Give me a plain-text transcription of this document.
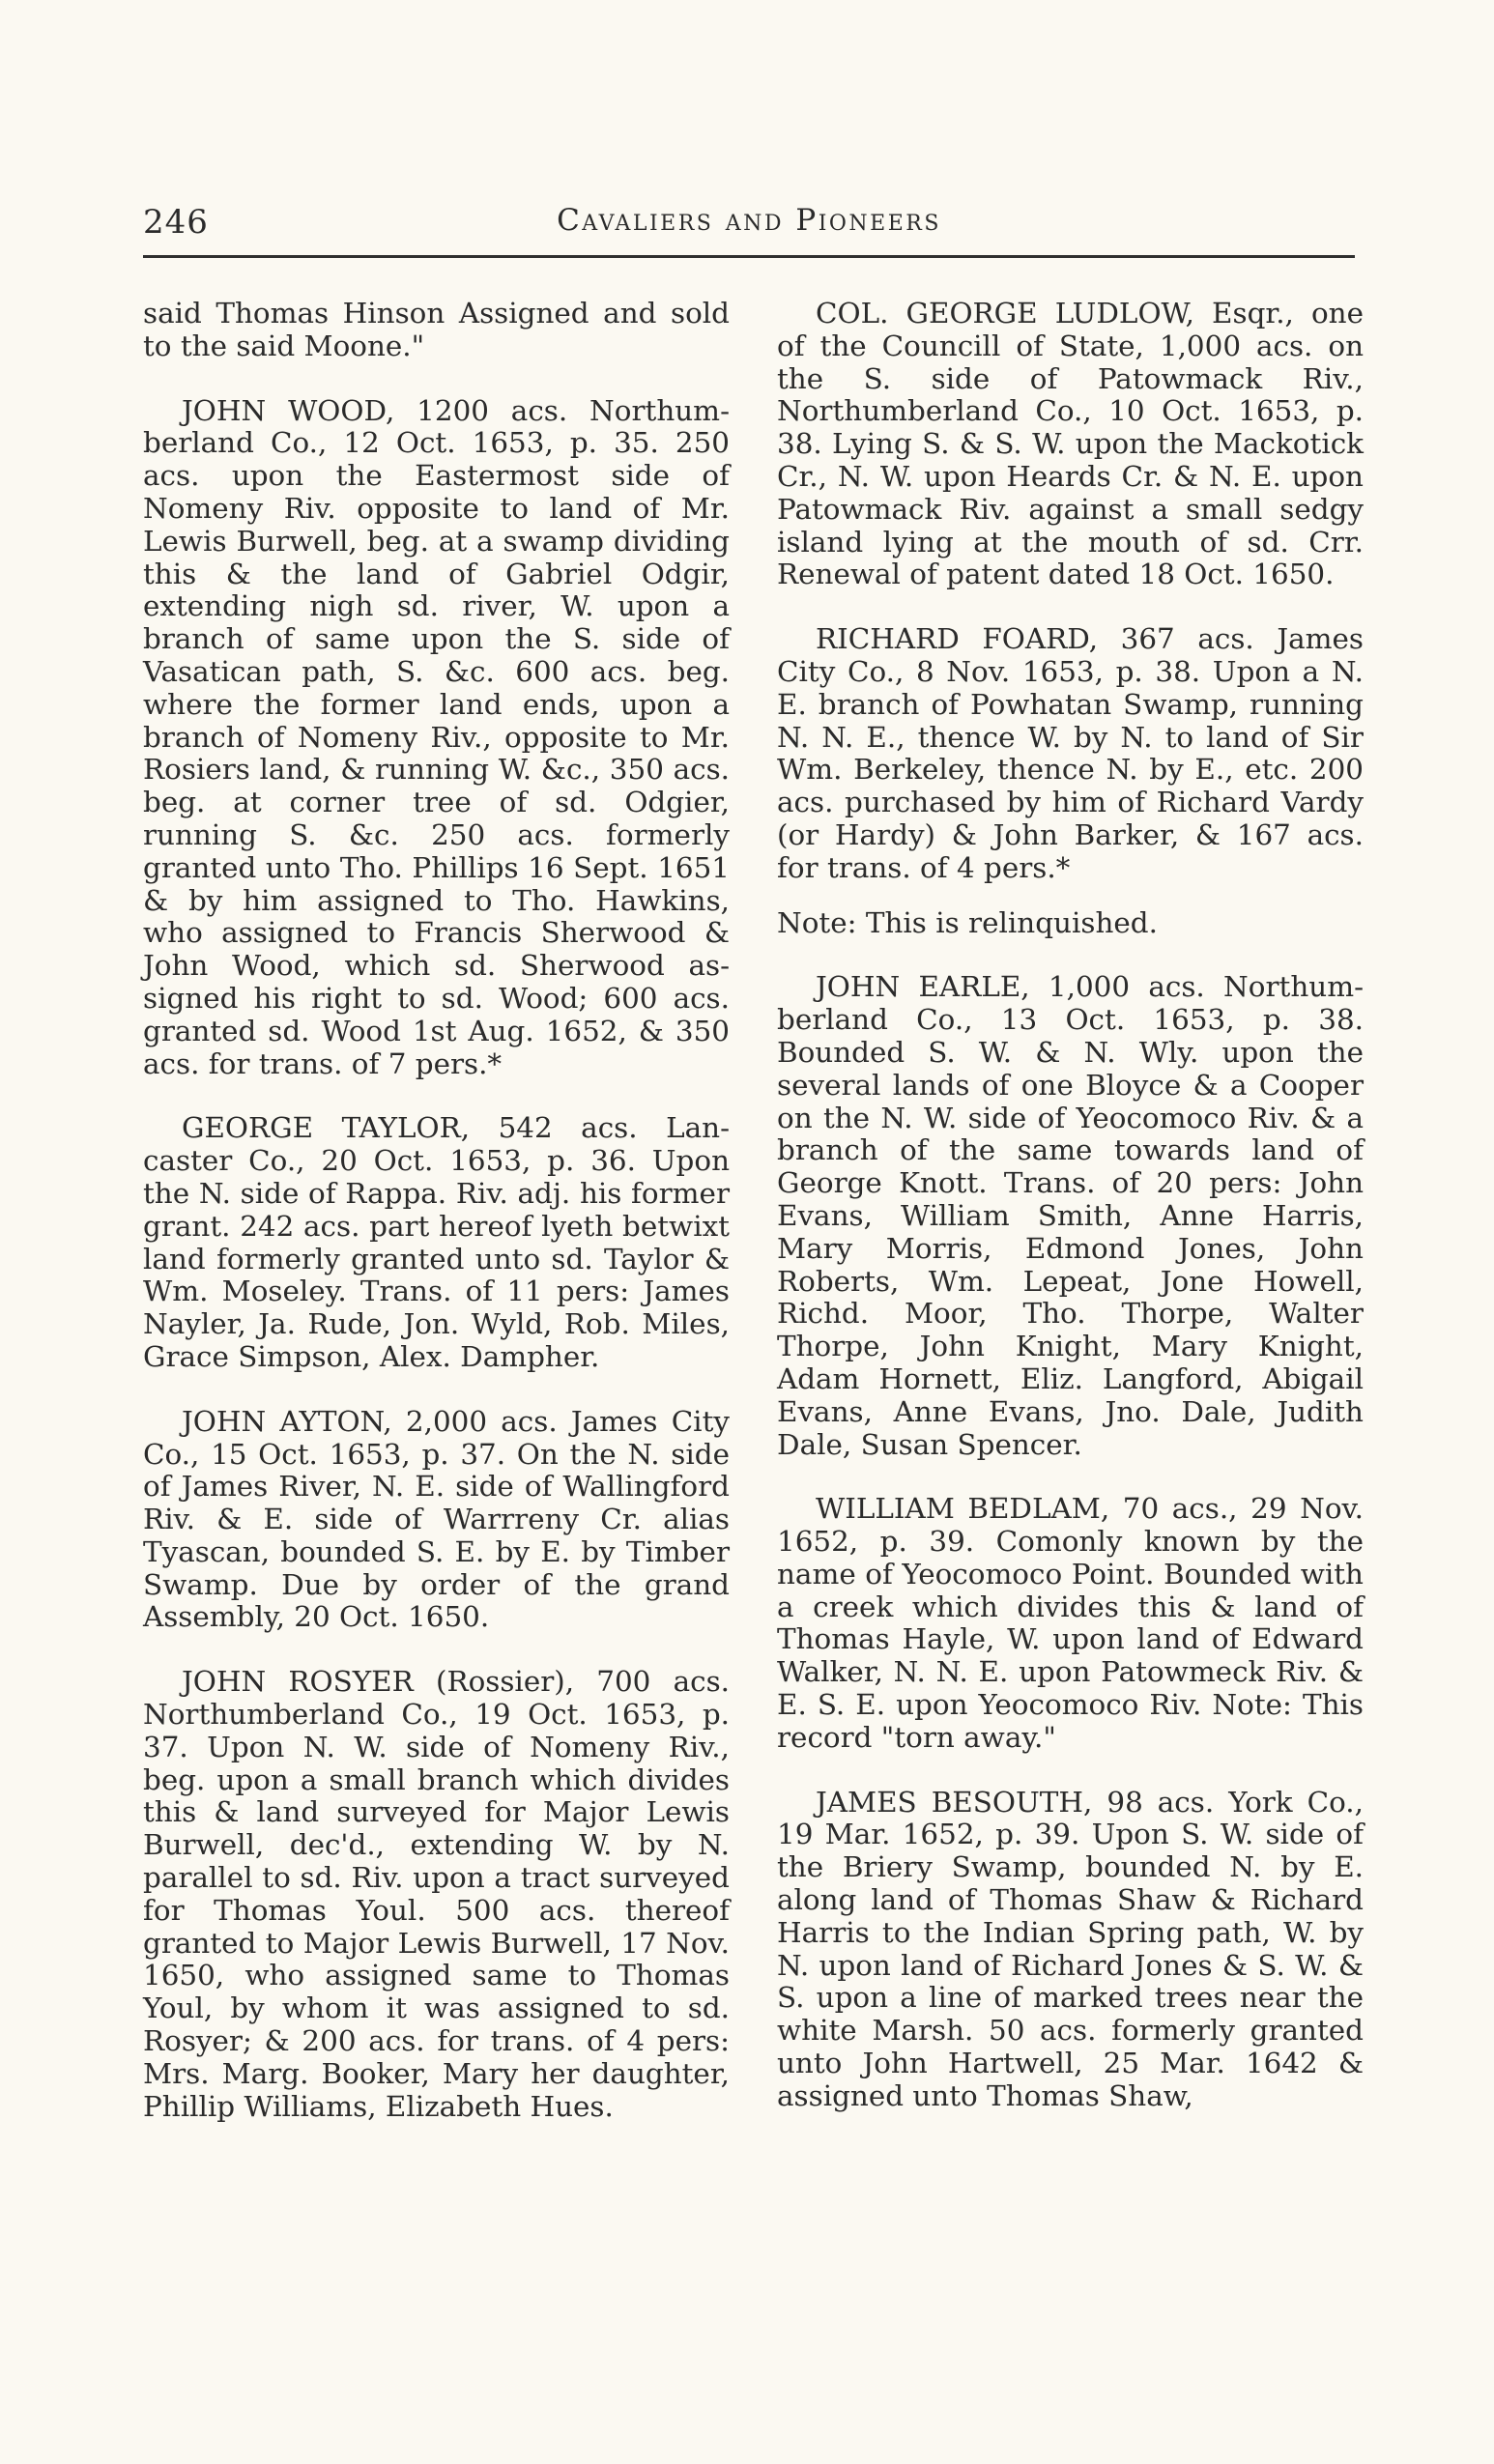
246	Cavaliers and Pioneers

said Thomas Hinson Assigned and sold to the said Moone."

JOHN WOOD, 1200 acs. Northumberland Co., 12 Oct. 1653, p. 35. 250 acs. upon the Eastermost side of Nomeny Riv. opposite to land of Mr. Lewis Burwell, beg. at a swamp dividing this & the land of Gabriel Odgir, extending nigh sd. river, W. upon a branch of same upon the S. side of Vasatican path, S. &c. 600 acs. beg. where the former land ends, upon a branch of Nomeny Riv., opposite to Mr. Rosiers land, & running W. &c., 350 acs. beg. at corner tree of sd. Odgier, running S. &c. 250 acs. formerly granted unto Tho. Phillips 16 Sept. 1651 & by him assigned to Tho. Hawkins, who assigned to Francis Sherwood & John Wood, which sd. Sherwood assigned his right to sd. Wood; 600 acs. granted sd. Wood 1st Aug. 1652, & 350 acs. for trans. of 7 pers.*

GEORGE TAYLOR, 542 acs. Lancaster Co., 20 Oct. 1653, p. 36. Upon the N. side of Rappa. Riv. adj. his former grant. 242 acs. part hereof lyeth betwixt land formerly granted unto sd. Taylor & Wm. Moseley. Trans. of 11 pers: James Nayler, Ja. Rude, Jon. Wyld, Rob. Miles, Grace Simpson, Alex. Dampher.

JOHN AYTON, 2,000 acs. James City Co., 15 Oct. 1653, p. 37. On the N. side of James River, N. E. side of Wallingford Riv. & E. side of Warrreny Cr. alias Tyascan, bounded S. E. by E. by Timber Swamp. Due by order of the grand Assembly, 20 Oct. 1650.

JOHN ROSYER (Rossier), 700 acs. Northumberland Co., 19 Oct. 1653, p. 37. Upon N. W. side of Nomeny Riv., beg. upon a small branch which divides this & land surveyed for Major Lewis Burwell, dec'd., extending W. by N. parallel to sd. Riv. upon a tract surveyed for Thomas Youl. 500 acs. thereof granted to Major Lewis Burwell, 17 Nov. 1650, who assigned same to Thomas Youl, by whom it was assigned to sd. Rosyer; & 200 acs. for trans. of 4 pers: Mrs. Marg. Booker, Mary her daughter, Phillip Williams, Elizabeth Hues.

COL. GEORGE LUDLOW, Esqr., one of the Councill of State, 1,000 acs. on the S. side of Patowmack Riv., Northumberland Co., 10 Oct. 1653, p. 38. Lying S. & S. W. upon the Mackotick Cr., N. W. upon Heards Cr. & N. E. upon Patowmack Riv. against a small sedgy island lying at the mouth of sd. Crr. Renewal of patent dated 18 Oct. 1650.

RICHARD FOARD, 367 acs. James City Co., 8 Nov. 1653, p. 38. Upon a N. E. branch of Powhatan Swamp, running N. N. E., thence W. by N. to land of Sir Wm. Berkeley, thence N. by E., etc. 200 acs. purchased by him of Richard Vardy (or Hardy) & John Barker, & 167 acs. for trans. of 4 pers.*

Note: This is relinquished.

JOHN EARLE, 1,000 acs. Northumberland Co., 13 Oct. 1653, p. 38. Bounded S. W. & N. Wly. upon the several lands of one Bloyce & a Cooper on the N. W. side of Yeocomoco Riv. & a branch of the same towards land of George Knott. Trans. of 20 pers: John Evans, William Smith, Anne Harris, Mary Morris, Edmond Jones, John Roberts, Wm. Lepeat, Jone Howell, Richd. Moor, Tho. Thorpe, Walter Thorpe, John Knight, Mary Knight, Adam Hornett, Eliz. Langford, Abigail Evans, Anne Evans, Jno. Dale, Judith Dale, Susan Spencer.

WILLIAM BEDLAM, 70 acs., 29 Nov. 1652, p. 39. Comonly known by the name of Yeocomoco Point. Bounded with a creek which divides this & land of Thomas Hayle, W. upon land of Edward Walker, N. N. E. upon Patowmeck Riv. & E. S. E. upon Yeocomoco Riv. Note: This record "torn away."

JAMES BESOUTH, 98 acs. York Co., 19 Mar. 1652, p. 39. Upon S. W. side of the Briery Swamp, bounded N. by E. along land of Thomas Shaw & Richard Harris to the Indian Spring path, W. by N. upon land of Richard Jones & S. W. & S. upon a line of marked trees near the white Marsh. 50 acs. formerly granted unto John Hartwell, 25 Mar. 1642 & assigned unto Thomas Shaw,
